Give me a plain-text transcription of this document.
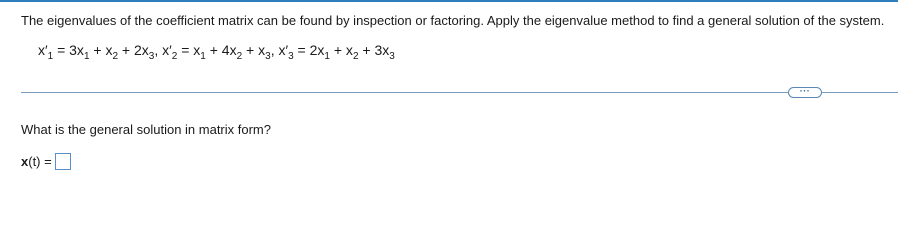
The eigenvalues of the coefficient matrix can be found by inspection or factoring. Apply the eigenvalue method to find a general solution of the system.
$x'_1 = 3x_1 + x_2 + 2x_3$, $x'_2 = x_1 + 4x_2 + x_3$, $x'_3 = 2x_1 + x_2 + 3x_3$
···
What is the general solution in matrix form?
x(t) =
